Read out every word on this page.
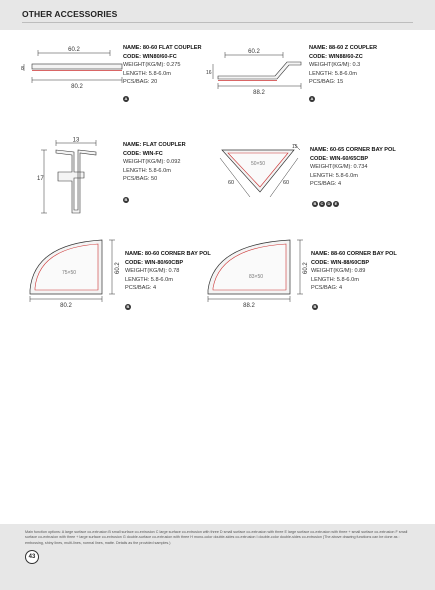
OTHER ACCESSORIES
60.2
8
80.2
NAME: 80-60 FLAT COUPLER
CODE: WIN80/60-FC
WEIGHT(KG/M): 0.275
LENGTH: 5.8-6.0m
PCS/BAG: 20
A
60.2
16
88.2
NAME: 88-60 Z COUPLER
CODE: WIN88/60-ZC
WEIGHT(KG/M): 0.3
LENGTH: 5.8-6.0m
PCS/BAG: 15
A
13
17
NAME: FLAT COUPLER
CODE: WIN-FC
WEIGHT(KG/M): 0.092
LENGTH: 5.8-6.0m
PCS/BAG: 50
B
50×50
15
60	60
NAME: 60-65 CORNER BAY POL
CODE: WIN-60/65CBP
WEIGHT(KG/M): 0.734
LENGTH: 5.8-6.0m
PCS/BAG: 4
B	C	D	E
75×50	60.2
80.2
NAME: 80-60 CORNER BAY POL
CODE: WIN-80/60CBP
WEIGHT(KG/M): 0.78
LENGTH: 5.8-6.0m
PCS/BAG: 4
B
83×50
60.2
88.2
NAME: 88-60 CORNER BAY POL
CODE: WIN-88/60CBP
WEIGHT(KG/M): 0.89
LENGTH: 5.8-6.0m
PCS/BAG: 4
B
Main function options: A large surface co-extrusion B small surface co-extrusion C large surface co-extrusion with three D small surface co-extrusion with three E large surface co-extrusion with three + small surface co-extrusion F small surface co-extrusion with three + large surface co-extrusion G double-surface co-extrusion with three H mono-color double-sides co-extrusion I double-color double-sides co-extrusion (The above drawing functions can be done as : embossing, shiny lines, multi-lines, normal lines, matte. Details as the provided samples.)
43
